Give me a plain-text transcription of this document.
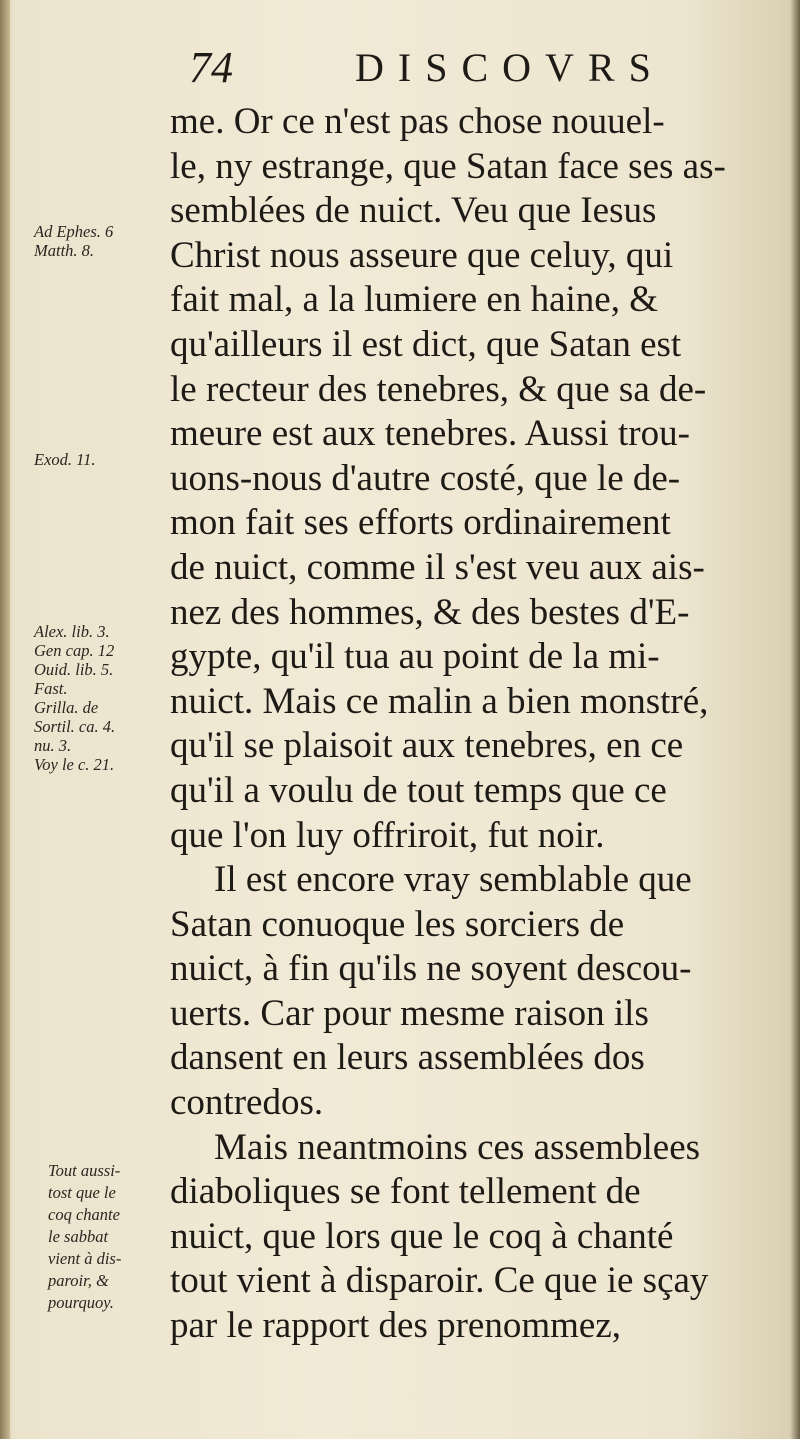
74	DISCOVRS
me. Or ce n'est pas chose nouuel-
le, ny estrange, que Satan face ses as-
semblées de nuict. Veu que Iesus
Christ nous asseure que celuy, qui
fait mal, a la lumiere en haine, &
qu'ailleurs il est dict, que Satan est
le recteur des tenebres, & que sa de-
meure est aux tenebres. Aussi trou-
uons-nous d'autre costé, que le de-
mon fait ses efforts ordinairement
de nuict, comme il s'est veu aux ais-
nez des hommes, & des bestes d'E-
gypte, qu'il tua au point de la mi-
nuict. Mais ce malin a bien monstré,
qu'il se plaisoit aux tenebres, en ce
qu'il a voulu de tout temps que ce
que l'on luy offriroit, fut noir.
Il est encore vray semblable que
Satan conuoque les sorciers de
nuict, à fin qu'ils ne soyent descou-
uerts. Car pour mesme raison ils
dansent en leurs assemblées dos
contredos.
Mais neantmoins ces assemblees
diaboliques se font tellement de
nuict, que lors que le coq à chanté
tout vient à disparoir. Ce que ie sçay
par le rapport des prenommez,
Ad Ephes. 6
Matth. 8.
Exod. 11.
Alex. lib. 3.
Gen cap. 12
Ouid. lib. 5.
Fast.
Grilla. de
Sortil. ca. 4.
nu. 3.
Voy le c. 21.
Tout aussi-
tost que le
coq chante
le sabbat
vient à dis-
paroir, &
pourquoy.
